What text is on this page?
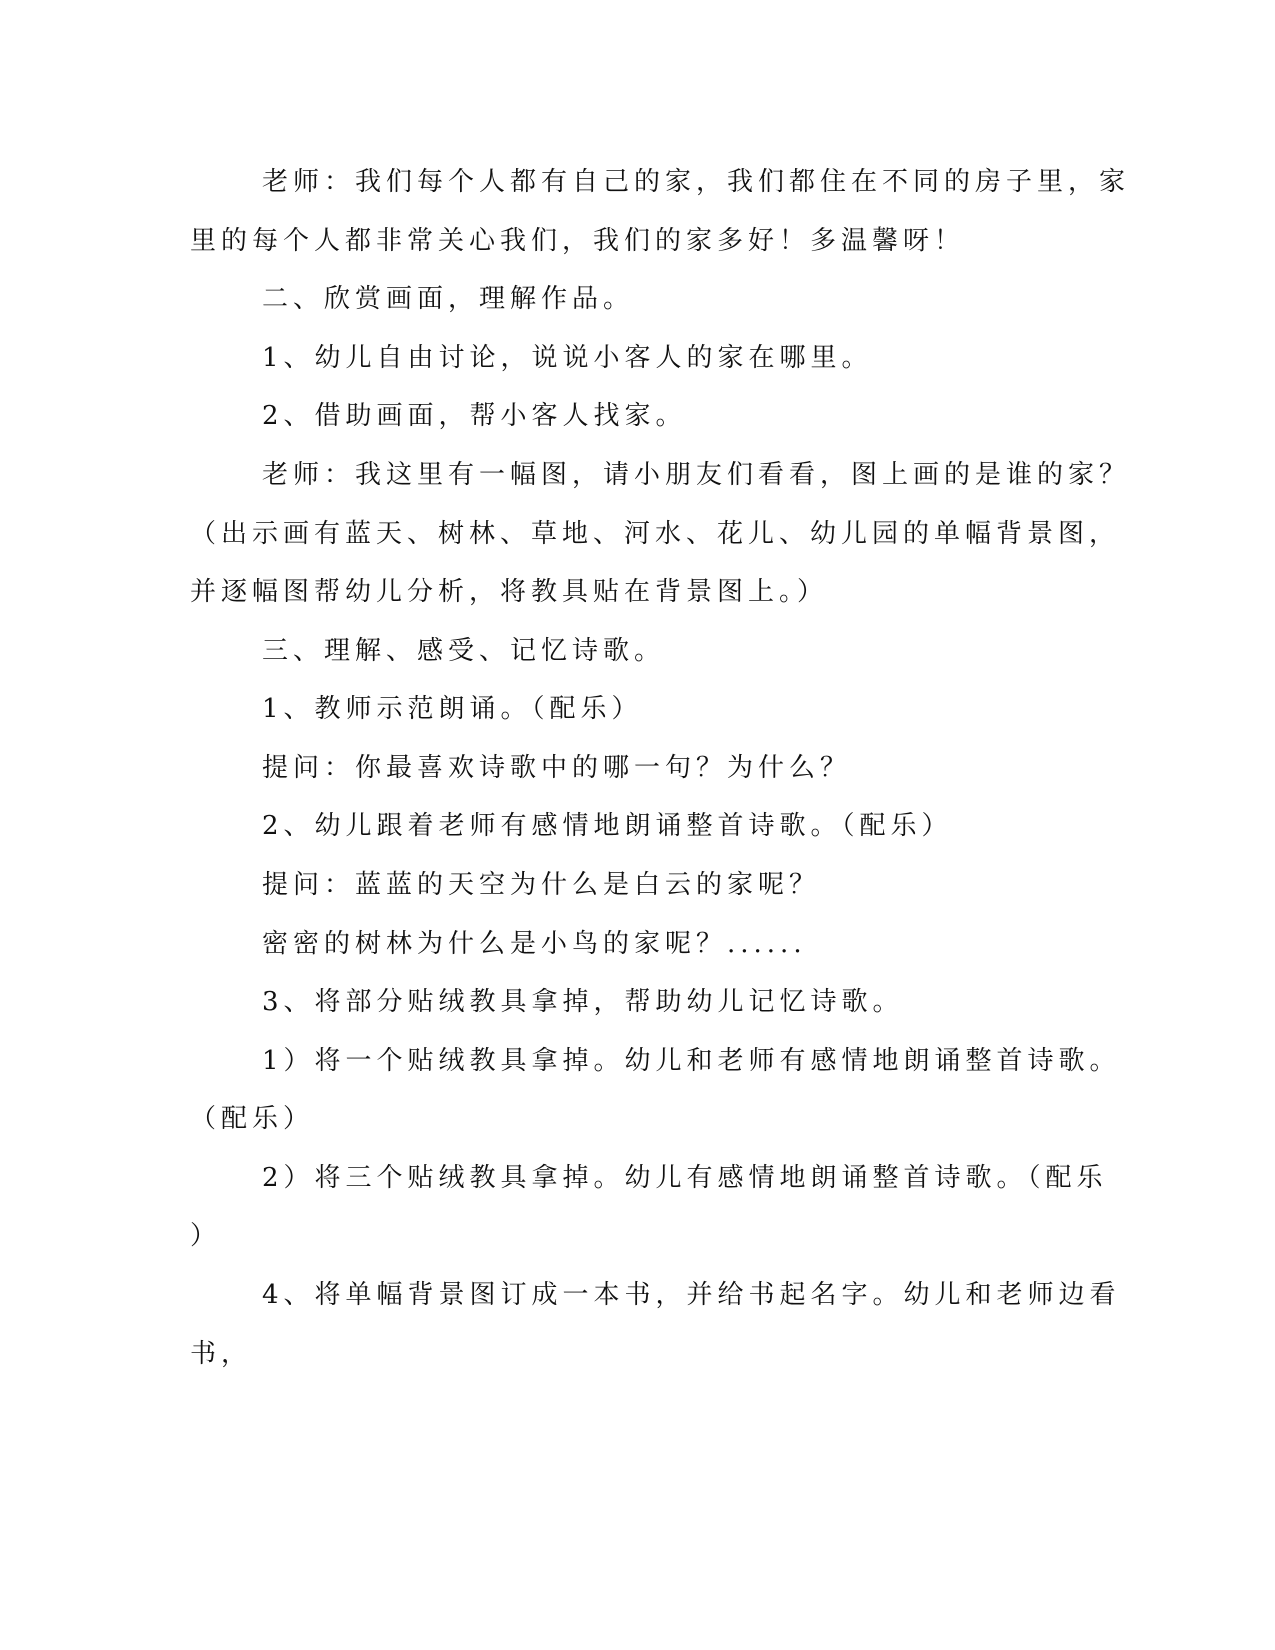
老师：我们每个人都有自己的家，我们都住在不同的房子里，家
里的每个人都非常关心我们，我们的家多好！多温馨呀！
二、欣赏画面，理解作品。
1、幼儿自由讨论，说说小客人的家在哪里。
2、借助画面，帮小客人找家。
老师：我这里有一幅图，请小朋友们看看，图上画的是谁的家？
（出示画有蓝天、树林、草地、河水、花儿、幼儿园的单幅背景图，
并逐幅图帮幼儿分析，将教具贴在背景图上。）
三、理解、感受、记忆诗歌。
1、教师示范朗诵。（配乐）
提问：你最喜欢诗歌中的哪一句？为什么？
2、幼儿跟着老师有感情地朗诵整首诗歌。（配乐）
提问：蓝蓝的天空为什么是白云的家呢？
密密的树林为什么是小鸟的家呢？......
3、将部分贴绒教具拿掉，帮助幼儿记忆诗歌。
1）将一个贴绒教具拿掉。幼儿和老师有感情地朗诵整首诗歌。
（配乐）
2）将三个贴绒教具拿掉。幼儿有感情地朗诵整首诗歌。（配乐
）
4、将单幅背景图订成一本书，并给书起名字。幼儿和老师边看
书，
